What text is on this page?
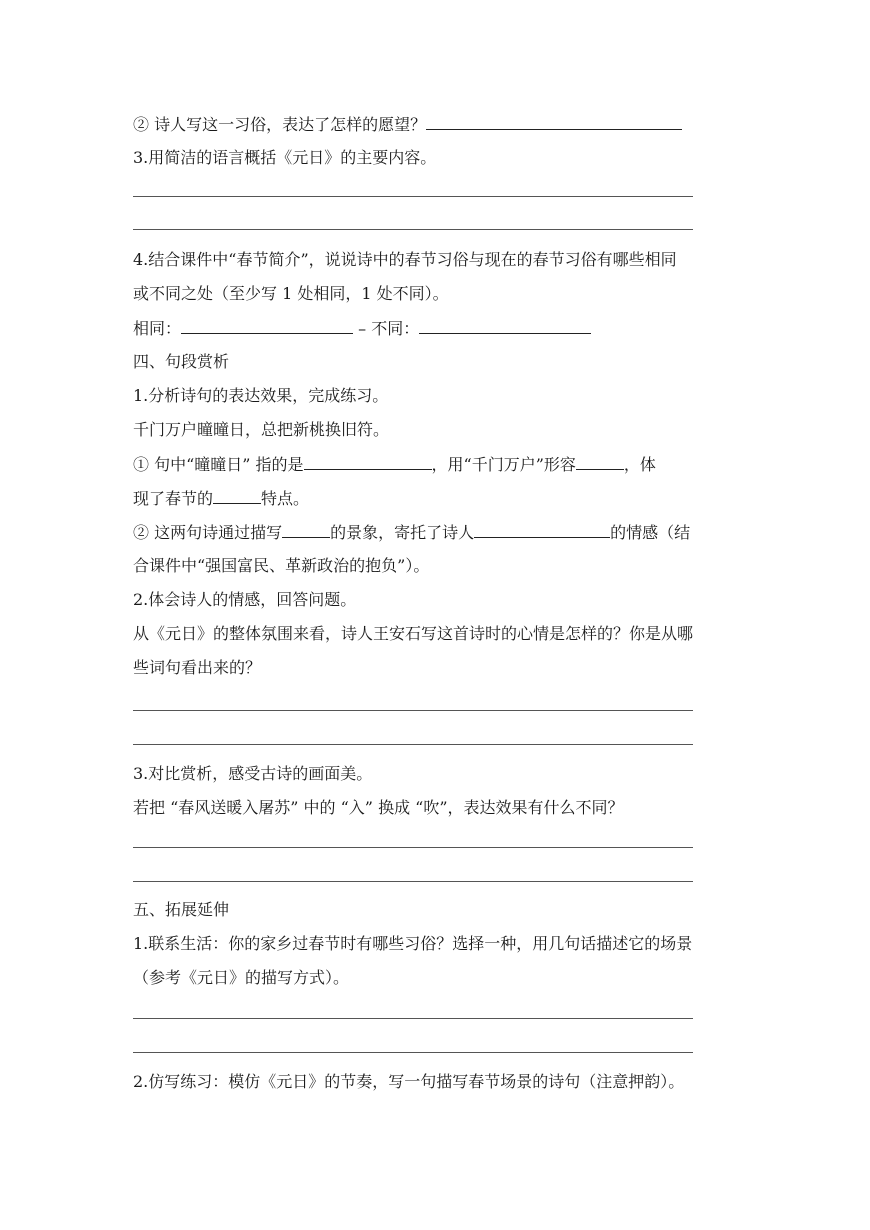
② 诗人写这一习俗，表达了怎样的愿望？
3.用简洁的语言概括《元日》的主要内容。
4.结合课件中“春节简介”，说说诗中的春节习俗与现在的春节习俗有哪些相同
或不同之处（至少写 1 处相同，1 处不同）。
相同：	– 不同：
四、句段赏析
1.分析诗句的表达效果，完成练习。
千门万户曈曈日，总把新桃换旧符。
① 句中“曈曈日” 指的是	，用“千门万户”形容	，体
现了春节的	特点。
② 这两句诗通过描写	的景象，寄托了诗人	的情感（结
合课件中“强国富民、革新政治的抱负”）。
2.体会诗人的情感，回答问题。
从《元日》的整体氛围来看，诗人王安石写这首诗时的心情是怎样的？你是从哪
些词句看出来的？
3.对比赏析，感受古诗的画面美。
若把 “春风送暖入屠苏” 中的 “入” 换成 “吹”，表达效果有什么不同？
五、拓展延伸
1.联系生活：你的家乡过春节时有哪些习俗？选择一种，用几句话描述它的场景
（参考《元日》的描写方式）。
2.仿写练习：模仿《元日》的节奏，写一句描写春节场景的诗句（注意押韵）。
